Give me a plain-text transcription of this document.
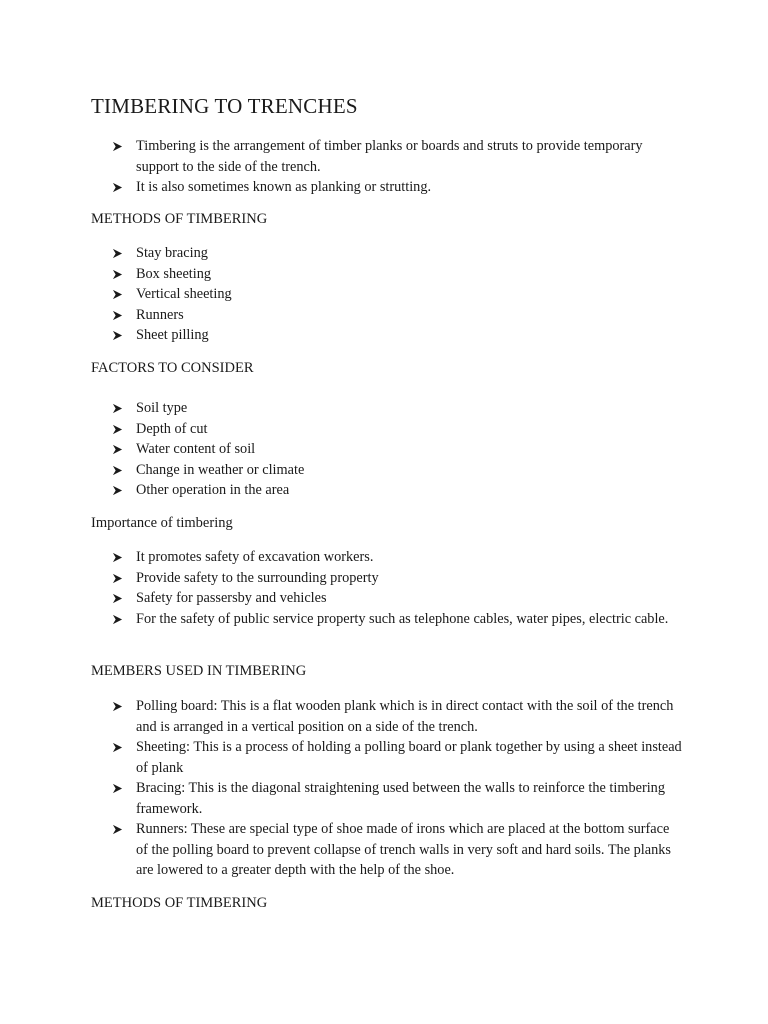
TIMBERING TO TRENCHES
Timbering is the arrangement of timber planks or boards and struts to provide temporary support to the side of the trench.
It is also sometimes known as planking or strutting.
METHODS OF TIMBERING
Stay bracing
Box sheeting
Vertical sheeting
Runners
Sheet pilling
FACTORS TO CONSIDER
Soil type
Depth of cut
Water content of soil
Change in weather or climate
Other operation in the area
Importance of timbering
It promotes safety of excavation workers.
Provide safety to the surrounding property
Safety for passersby and vehicles
For the safety of public service property such as telephone cables, water pipes, electric cable.
MEMBERS USED IN TIMBERING
Polling board: This is a flat wooden plank which is in direct contact with the soil of the trench and is arranged in a vertical position on a side of the trench.
Sheeting: This is a process of holding a polling board or plank together by using a sheet instead of plank
Bracing: This is the diagonal straightening used between the walls to reinforce the timbering framework.
Runners: These are special type of shoe made of irons which are placed at the bottom surface of the polling board to prevent collapse of trench walls in very soft and hard soils. The planks are lowered to a greater depth with the help of the shoe.
METHODS OF TIMBERING
